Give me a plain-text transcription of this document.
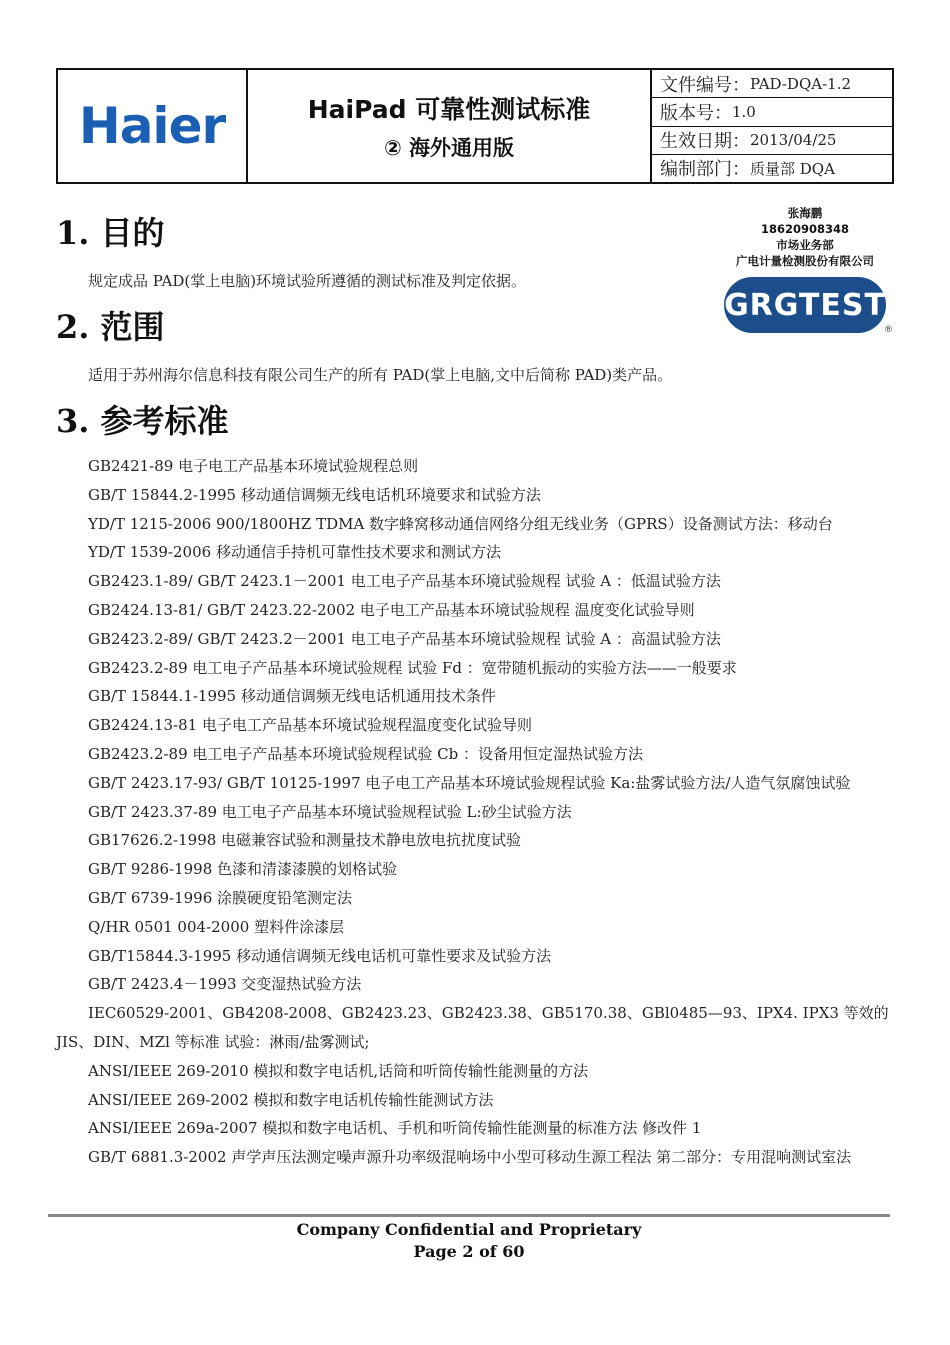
Haier	HaiPad 可靠性测试标准
② 海外通用版
文件编号： PAD-DQA-1.2
版本号： 1.0
生效日期： 2013/04/25
编制部门： 质量部 DQA
1. 目的
规定成品 PAD(掌上电脑)环境试验所遵循的测试标准及判定依据。
2. 范围
适用于苏州海尔信息科技有限公司生产的所有 PAD(掌上电脑,文中后简称 PAD)类产品。
3. 参考标准
张海鹏
18620908348
市场业务部
广电计量检测股份有限公司
GRGTEST
®
GB2421-89 电子电工产品基本环境试验规程总则
GB/T 15844.2-1995 移动通信调频无线电话机环境要求和试验方法
YD/T 1215-2006 900/1800HZ TDMA 数字蜂窝移动通信网络分组无线业务（GPRS）设备测试方法：移动台
YD/T 1539-2006 移动通信手持机可靠性技术要求和测试方法
GB2423.1-89/ GB/T 2423.1－2001 电工电子产品基本环境试验规程 试验 A ：低温试验方法
GB2424.13-81/ GB/T 2423.22-2002 电子电工产品基本环境试验规程 温度变化试验导则
GB2423.2-89/ GB/T 2423.2－2001 电工电子产品基本环境试验规程 试验 A ：高温试验方法
GB2423.2-89 电工电子产品基本环境试验规程 试验 Fd ：宽带随机振动的实验方法——一般要求
GB/T 15844.1-1995 移动通信调频无线电话机通用技术条件
GB2424.13-81 电子电工产品基本环境试验规程温度变化试验导则
GB2423.2-89 电工电子产品基本环境试验规程试验 Cb ：设备用恒定湿热试验方法
GB/T 2423.17-93/ GB/T 10125-1997 电子电工产品基本环境试验规程试验 Ka:盐雾试验方法/人造气氛腐蚀试验
GB/T 2423.37-89 电工电子产品基本环境试验规程试验 L:砂尘试验方法
GB17626.2-1998 电磁兼容试验和测量技术静电放电抗扰度试验
GB/T 9286-1998 色漆和清漆漆膜的划格试验
GB/T 6739-1996 涂膜硬度铅笔测定法
Q/HR 0501 004-2000 塑料件涂漆层
GB/T15844.3-1995 移动通信调频无线电话机可靠性要求及试验方法
GB/T 2423.4－1993 交变湿热试验方法
IEC60529-2001、GB4208-2008、GB2423.23、GB2423.38、GB5170.38、GBl0485—93、IPX4. IPX3 等效的 JIS、DIN、MZl 等标准 试验：淋雨/盐雾测试;
ANSI/IEEE 269-2010 模拟和数字电话机,话筒和听筒传输性能测量的方法
ANSI/IEEE 269-2002 模拟和数字电话机传输性能测试方法
ANSI/IEEE 269a-2007 模拟和数字电话机、手机和听筒传输性能测量的标准方法 修改件 1
GB/T 6881.3-2002 声学声压法测定噪声源升功率级混响场中小型可移动生源工程法 第二部分：专用混响测试室法
Company Confidential and Proprietary
Page 2 of 60
